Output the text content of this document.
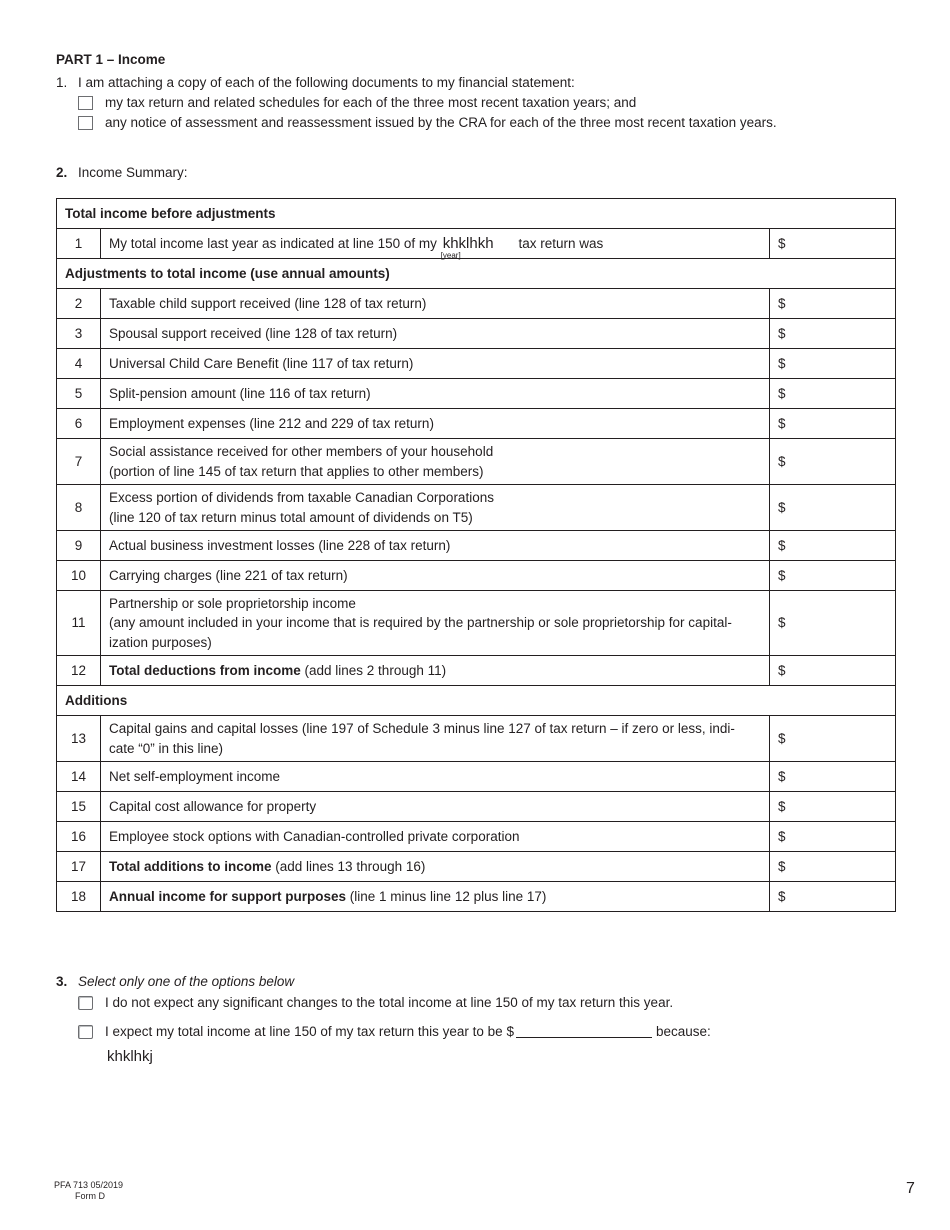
PART 1 – Income
1. I am attaching a copy of each of the following documents to my financial statement:
my tax return and related schedules for each of the three most recent taxation years; and
any notice of assessment and reassessment issued by the CRA for each of the three most recent taxation years.
2. Income Summary:
Total income before adjustments		
1	My total income last year as indicated at line 150 of my khklhkh
[year]
tax return was	$
Adjustments to total income (use annual amounts)		
2	Taxable child support received (line 128 of tax return)	$
3	Spousal support received (line 128 of tax return)	$
4	Universal Child Care Benefit (line 117 of tax return)	$
5	Split-pension amount (line 116 of tax return)	$
6	Employment expenses (line 212 and 229 of tax return)	$
7	Social assistance received for other members of your household
(portion of line 145 of tax return that applies to other members)	$
8	Excess portion of dividends from taxable Canadian Corporations
(line 120 of tax return minus total amount of dividends on T5)	$
9	Actual business investment losses (line 228 of tax return)	$
10	Carrying charges (line 221 of tax return)	$
11	Partnership or sole proprietorship income
(any amount included in your income that is required by the partnership or sole proprietorship for capital-
ization purposes)	$
12	Total deductions from income (add lines 2 through 11)	$
Additions		
13	Capital gains and capital losses (line 197 of Schedule 3 minus line 127 of tax return – if zero or less, indi-
cate “0” in this line)	$
14	Net self-employment income	$
15	Capital cost allowance for property	$
16	Employee stock options with Canadian-controlled private corporation	$
17	Total additions to income (add lines 13 through 16)	$
18	Annual income for support purposes (line 1 minus line 12 plus line 17)	$
3. Select only one of the options below
I do not expect any significant changes to the total income at line 150 of my tax return this year.
I expect my total income at line 150 of my tax return this year to be $	because:
khklhkj
PFA 713 05/2019
Form D	7
